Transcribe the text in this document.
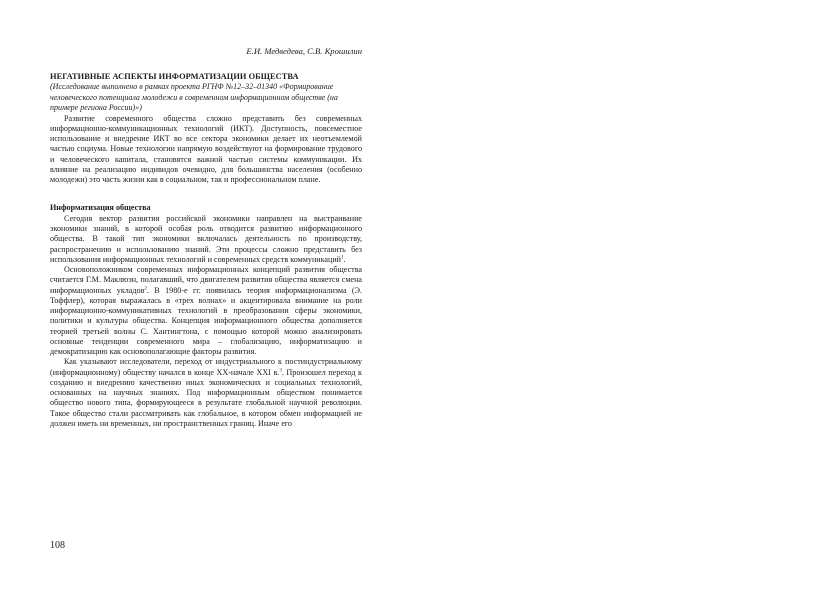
Е.И. Медведева, С.В. Крошилин

НЕГАТИВНЫЕ АСПЕКТЫ ИНФОРМАТИЗАЦИИ ОБЩЕСТВА

(Исследование выполнено в рамках проекта РГНФ №12–32–01340 «Формирование человеческого потенциала молодежи в современном информационном обществе (на примере региона России)»)

Развитие современного общества сложно представить без современных информационно-коммуникационных технологий (ИКТ). Доступность, повсеместное использование и внедрение ИКТ во все сектора экономики делает их неотъемлемой частью социума. Новые технологии напрямую воздействуют на формирование трудового и человеческого капитала, становятся важной частью системы коммуникации. Их влияние на реализацию индивидов очевидно, для большинства населения (особенно молодежи) это часть жизни как в социальном, так и профессиональном плане.

Информатизация общества

Сегодня вектор развития российской экономики направлен на выстраивание экономики знаний, в которой особая роль отводится развитию информационного общества. В такой тип экономики включалась деятельность по производству, распространению и использованию знаний. Эти процессы сложно представить без использования информационных технологий и современных средств коммуникаций$^1$.

Основоположником современных информационных концепций развития общества считается Г.М. Маклюэн, полагавший, что двигателем развития общества является смена информационных укладов$^2$. В 1980-е гг. появилась теория информационализма (Э. Тоффлер), которая выражалась в «трех волнах» и акцентировала внимание на роли информационно-коммуникативных технологий в преобразовании сферы экономики, политики и культуры общества. Концепция информационного общества дополняется теорией третьей волны С. Хантингтона, с помощью которой можно анализировать основные тенденции современного мира – глобализацию, информатизацию и демократизацию как основополагающие факторы развития.

Как указывают исследователи, переход от индустриального к постиндустриальному (информационному) обществу начался в конце ХХ-начале XXI в.$^3$. Произошел переход к созданию и внедрению качественно иных экономических и социальных технологий, основанных на научных знаниях. Под информационным обществом понимается общество нового типа, формирующееся в результате глобальной научной революции. Такое общество стали рассматривать как глобальное, в котором обмен информацией не должен иметь ни временных, ни пространственных границ. Иначе его

108
